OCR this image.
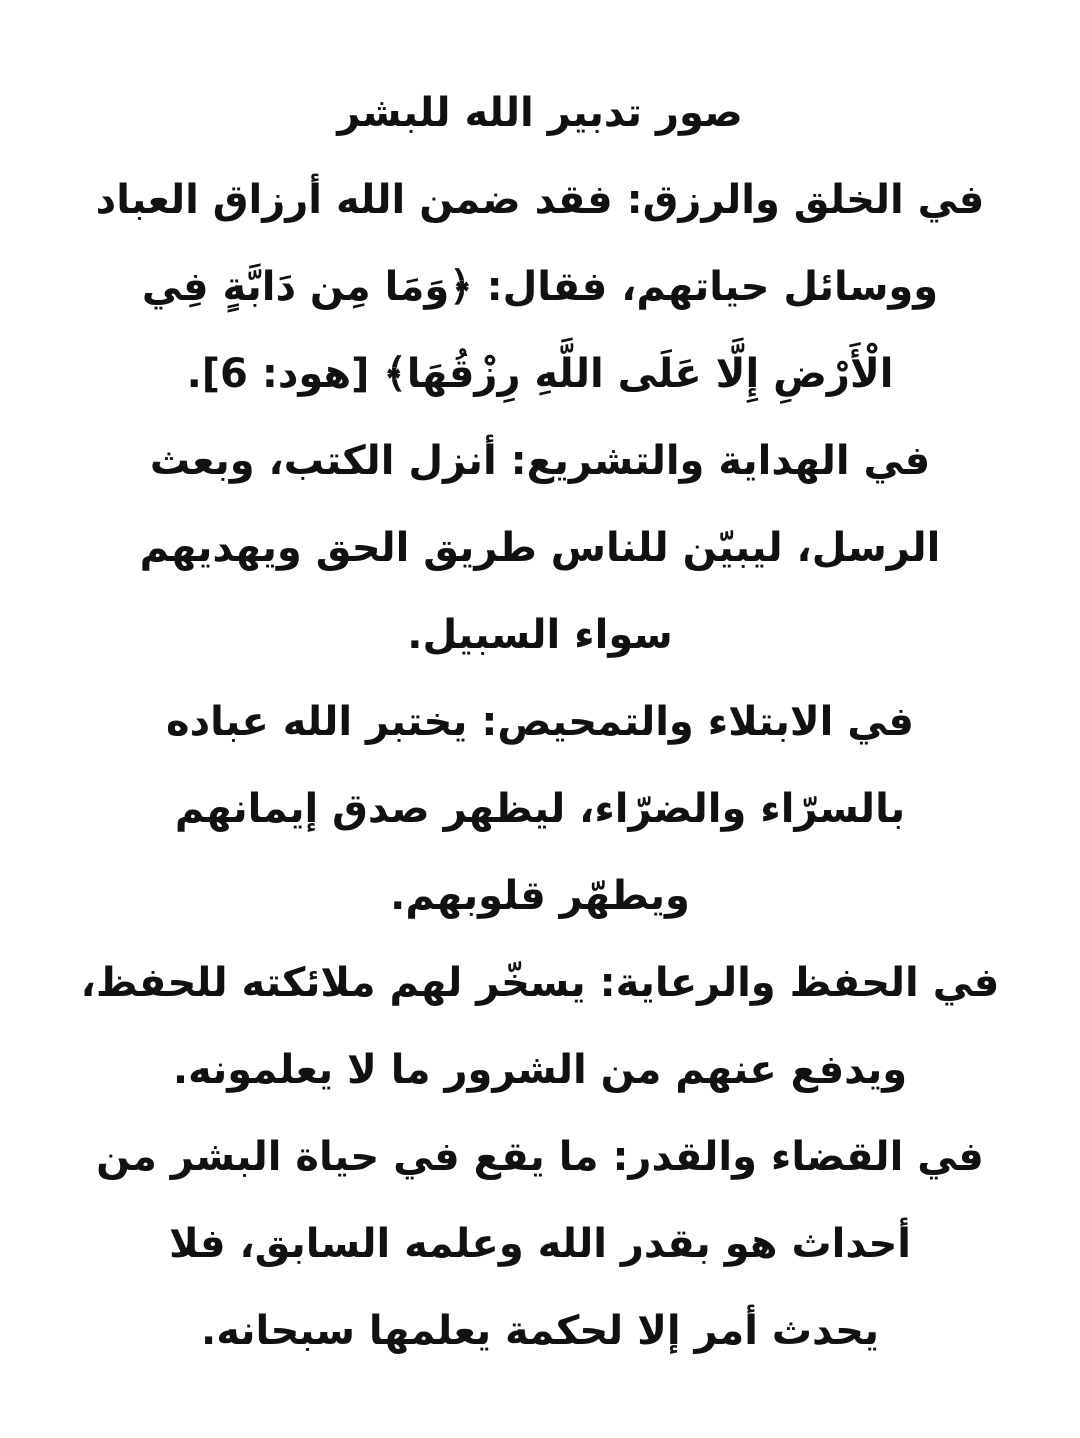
صور تدبير الله للبشر
في الخلق والرزق: فقد ضمن الله أرزاق العباد
ووسائل حياتهم، فقال: ﴿وَمَا مِن دَابَّةٍ فِي
الْأَرْضِ إِلَّا عَلَى اللَّهِ رِزْقُهَا﴾ [هود: 6].
في الهداية والتشريع: أنزل الكتب، وبعث
الرسل، ليبيّن للناس طريق الحق ويهديهم
سواء السبيل.
في الابتلاء والتمحيص: يختبر الله عباده
بالسرّاء والضرّاء، ليظهر صدق إيمانهم
ويطهّر قلوبهم.
في الحفظ والرعاية: يسخّر لهم ملائكته للحفظ،
ويدفع عنهم من الشرور ما لا يعلمونه.
في القضاء والقدر: ما يقع في حياة البشر من
أحداث هو بقدر الله وعلمه السابق، فلا
يحدث أمر إلا لحكمة يعلمها سبحانه.
